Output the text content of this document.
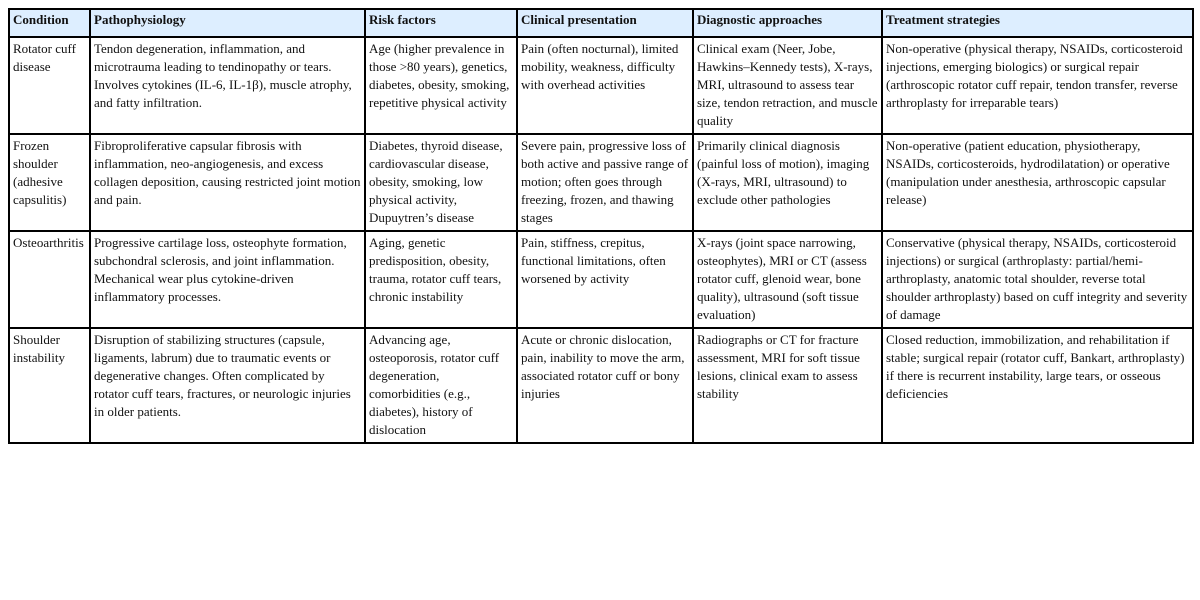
Condition	Pathophysiology	Risk factors	Clinical presentation	Diagnostic approaches	Treatment strategies
Rotator cuff disease	Tendon degeneration, inflammation, and microtrauma leading to tendinopathy or tears. Involves cytokines (IL-6, IL-1β), muscle atrophy, and fatty infiltration.	Age (higher prevalence in those >80 years), genetics, diabetes, obesity, smoking, repetitive physical activity	Pain (often nocturnal), limited mobility, weakness, difficulty with overhead activities	Clinical exam (Neer, Jobe, Hawkins–Kennedy tests), X-rays, MRI, ultrasound to assess tear size, tendon retraction, and muscle quality	Non-operative (physical therapy, NSAIDs, corticosteroid injections, emerging biologics) or surgical repair (arthroscopic rotator cuff repair, tendon transfer, reverse arthroplasty for irreparable tears)
Frozen shoulder (adhesive capsulitis)	Fibroproliferative capsular fibrosis with inflammation, neo-angiogenesis, and excess collagen deposition, causing restricted joint motion and pain.	Diabetes, thyroid disease, cardiovascular disease, obesity, smoking, low physical activity, Dupuytren’s disease	Severe pain, progressive loss of both active and passive range of motion; often goes through freezing, frozen, and thawing stages	Primarily clinical diagnosis (painful loss of motion), imaging (X-rays, MRI, ultrasound) to exclude other pathologies	Non-operative (patient education, physiotherapy, NSAIDs, corticosteroids, hydrodilatation) or operative (manipulation under anesthesia, arthroscopic capsular release)
Osteoarthritis	Progressive cartilage loss, osteophyte formation, subchondral sclerosis, and joint inflammation. Mechanical wear plus cytokine-driven inflammatory processes.	Aging, genetic predisposition, obesity, trauma, rotator cuff tears, chronic instability	Pain, stiffness, crepitus, functional limitations, often worsened by activity	X-rays (joint space narrowing, osteophytes), MRI or CT (assess rotator cuff, glenoid wear, bone quality), ultrasound (soft tissue evaluation)	Conservative (physical therapy, NSAIDs, corticosteroid injections) or surgical (arthroplasty: partial/hemi-arthroplasty, anatomic total shoulder, reverse total shoulder arthroplasty) based on cuff integrity and severity of damage
Shoulder instability	Disruption of stabilizing structures (capsule, ligaments, labrum) due to traumatic events or degenerative changes. Often complicated by rotator cuff tears, fractures, or neurologic injuries in older patients.	Advancing age, osteoporosis, rotator cuff degeneration, comorbidities (e.g., diabetes), history of dislocation	Acute or chronic dislocation, pain, inability to move the arm, associated rotator cuff or bony injuries	Radiographs or CT for fracture assessment, MRI for soft tissue lesions, clinical exam to assess stability	Closed reduction, immobilization, and rehabilitation if stable; surgical repair (rotator cuff, Bankart, arthroplasty) if there is recurrent instability, large tears, or osseous deficiencies
